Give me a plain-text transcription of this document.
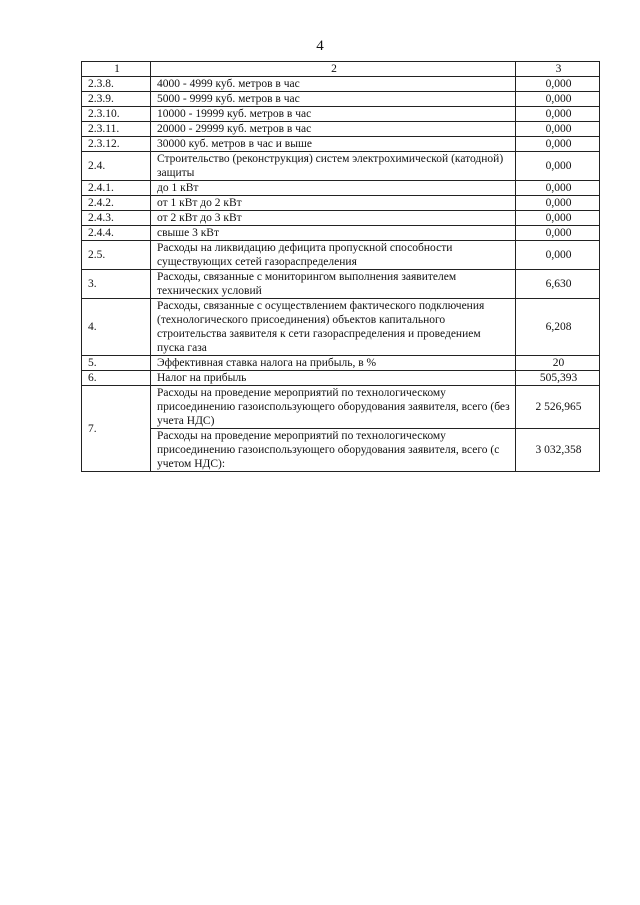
4
1	2	3
2.3.8.	4000 - 4999 куб. метров в час	0,000
2.3.9.	5000 - 9999 куб. метров в час	0,000
2.3.10.	10000 - 19999 куб. метров в час	0,000
2.3.11.	20000 - 29999 куб. метров в час	0,000
2.3.12.	30000 куб. метров в час и выше	0,000
2.4.	Строительство (реконструкция) систем электрохимической (катодной) защиты	0,000
2.4.1.	до 1 кВт	0,000
2.4.2.	от 1 кВт до 2 кВт	0,000
2.4.3.	от 2 кВт до 3 кВт	0,000
2.4.4.	свыше 3 кВт	0,000
2.5.	Расходы на ликвидацию дефицита пропускной способности существующих сетей газораспределения	0,000
3.	Расходы, связанные с мониторингом выполнения заявителем технических условий	6,630
4.	Расходы, связанные с осуществлением фактического подключения (технологического присоединения) объектов капитального строительства заявителя к сети газораспределения и проведением пуска газа	6,208
5.	Эффективная ставка налога на прибыль, в %	20
6.	Налог на прибыль	505,393
7.	Расходы на проведение мероприятий по технологическому присоединению газоиспользующего оборудования заявителя, всего (без учета НДС)	2 526,965
	Расходы на проведение мероприятий по технологическому присоединению газоиспользующего оборудования заявителя, всего (с учетом НДС):	3 032,358
